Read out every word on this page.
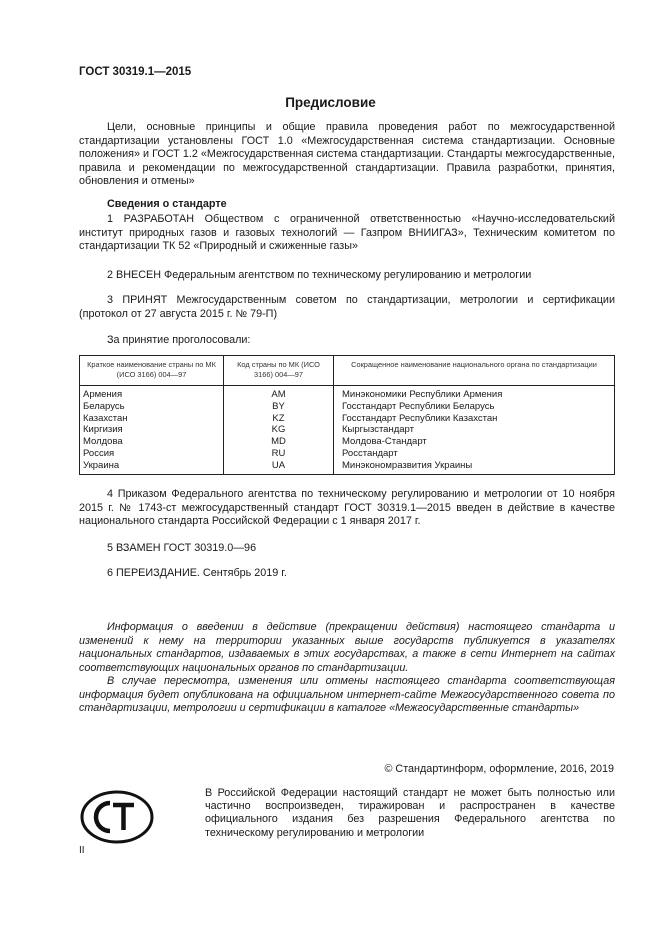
ГОСТ 30319.1—2015
Предисловие
Цели, основные принципы и общие правила проведения работ по межгосударственной стандартизации установлены ГОСТ 1.0 «Межгосударственная система стандартизации. Основные положения» и ГОСТ 1.2 «Межгосударственная система стандартизации. Стандарты межгосударственные, правила и рекомендации по межгосударственной стандартизации. Правила разработки, принятия, обновления и отмены»
Сведения о стандарте
1 РАЗРАБОТАН Обществом с ограниченной ответственностью «Научно-исследовательский институт природных газов и газовых технологий — Газпром ВНИИГАЗ», Техническим комитетом по стандартизации ТК 52 «Природный и сжиженные газы»
2 ВНЕСЕН Федеральным агентством по техническому регулированию и метрологии
3 ПРИНЯТ Межгосударственным советом по стандартизации, метрологии и сертификации (протокол от 27 августа 2015 г. № 79-П)
За принятие проголосовали:
Краткое наименование страны по МК (ИСО 3166) 004—97	Код страны по МК (ИСО 3166) 004—97	Сокращенное наименование национального органа по стандартизации
Армения	AM	Минэкономики Республики Армения
Беларусь	BY	Госстандарт Республики Беларусь
Казахстан	KZ	Госстандарт Республики Казахстан
Киргизия	KG	Кыргызстандарт
Молдова	MD	Молдова-Стандарт
Россия	RU	Росстандарт
Украина	UA	Минэкономразвития Украины
4 Приказом Федерального агентства по техническому регулированию и метрологии от 10 ноября 2015 г. № 1743-ст межгосударственный стандарт ГОСТ 30319.1—2015 введен в действие в качестве национального стандарта Российской Федерации с 1 января 2017 г.
5 ВЗАМЕН ГОСТ 30319.0—96
6 ПЕРЕИЗДАНИЕ. Сентябрь 2019 г.
Информация о введении в действие (прекращении действия) настоящего стандарта и изменений к нему на территории указанных выше государств публикуется в указателях национальных стандартов, издаваемых в этих государствах, а также в сети Интернет на сайтах соответствующих национальных органов по стандартизации.
В случае пересмотра, изменения или отмены настоящего стандарта соответствующая информация будет опубликована на официальном интернет-сайте Межгосударственного совета по стандартизации, метрологии и сертификации в каталоге «Межгосударственные стандарты»
© Стандартинформ, оформление, 2016, 2019
В Российской Федерации настоящий стандарт не может быть полностью или частично воспроизведен, тиражирован и распространен в качестве официального издания без разрешения Федерального агентства по техническому регулированию и метрологии
II
